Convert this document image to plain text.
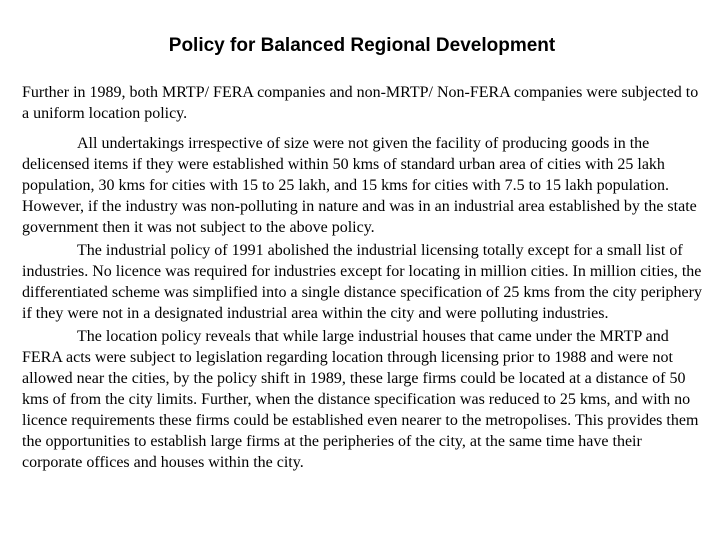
Policy for Balanced Regional Development

Further in 1989, both MRTP/ FERA companies and non-MRTP/ Non-FERA companies were subjected to a uniform location policy.

All undertakings irrespective of size were not given the facility of producing goods in the delicensed items if they were established within 50 kms of standard urban area of cities with 25 lakh population, 30 kms for cities with 15 to 25 lakh, and 15 kms for cities with 7.5 to 15 lakh population. However, if the industry was non-polluting in nature and was in an industrial area established by the state government then it was not subject to the above policy.

The industrial policy of 1991 abolished the industrial licensing totally except for a small list of industries. No licence was required for industries except for locating in million cities. In million cities, the differentiated scheme was simplified into a single distance specification of 25 kms from the city periphery if they were not in a designated industrial area within the city and were polluting industries.

The location policy reveals that while large industrial houses that came under the MRTP and FERA acts were subject to legislation regarding location through licensing prior to 1988 and were not allowed near the cities, by the policy shift in 1989, these large firms could be located at a distance of 50 kms of from the city limits. Further, when the distance specification was reduced to 25 kms, and with no licence requirements these firms could be established even nearer to the metropolises. This provides them the opportunities to establish large firms at the peripheries of the city, at the same time have their corporate offices and houses within the city.
